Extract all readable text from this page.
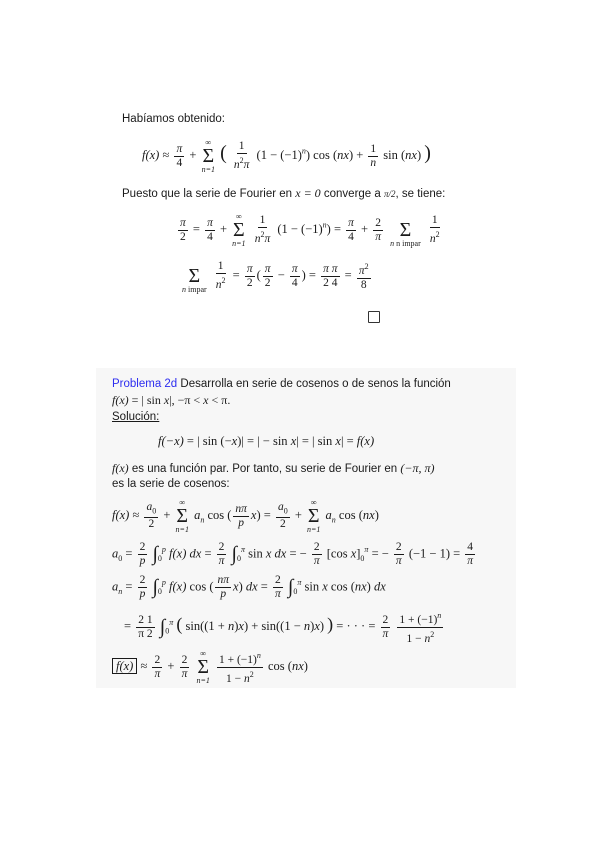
Habíamos obtenido:
$f(x) \approx \frac{\pi}{4}$ +
∞
Σ
n=1
( $\frac{1}{n^2\pi} (1 - (-1)^n)$ $\cos (nx) + \frac{1}{n}$ sin (nx) )
Puesto que la serie de Fourier en x = 0 converge a π/2, se tiene:
$\frac{\pi}{2} = \frac{\pi}{4}$ +
∞
Σ
n=1
$\frac{1}{n^2\pi} (1 - (-1)^n) = \frac{\pi}{4} + \frac{2}{\pi}$

Σ
n n impar
$\frac{1}{n^2}$

Σ
n impar
$\frac{1}{n^2} = \frac{\pi}{2}$ ( $\frac{\pi}{2} - \frac{\pi}{4}$ ) = $\frac{\text{π π}}{2 4} = \frac{\pi^2}{8}$
Problema 2d Desarrolla en serie de cosenos o de senos la función
f(x) = | sin x|, −π < x < π.
Solución:
f(−x) = | sin (−x)| = | − sin x| = | sin x| = f(x)
f(x) es una función par. Por tanto, su serie de Fourier en (−π, π)
es la serie de cosenos:
$f(x) \approx \frac{a_0}{2}$ +
∞
Σ
n=1
$a_n$ cos ( $\frac{n\pi}{p} x) = \frac{a_0}{2}$ +
∞
Σ
n=1
$a_n$ cos (nx)
$a_0 = \frac{2}{p} \int_0^p$ f(x) dx = $\frac{2}{\pi} \int_0^\pi$ sin x dx = − $\frac{2}{\pi} [\cos$ $x]_0^\pi$ = − $\frac{2}{\pi} (-1 - 1) = \frac{4}{\pi}$
$a_n = \frac{2}{p} \int_0^p$ f(x) cos ( $\frac{n\pi}{p} x$) dx = $\frac{2}{\pi} \int_0^\pi$ sin x cos (nx) dx
= $\frac{2 1}{\pi 2} \int_0^\pi$ ( sin((1 + n)x) + sin((1 − n)x) ) = · · · = $\frac{2}{\pi}$
$\frac{1 + (-1)^n}{1 - n^2}$
$f(x) \approx \frac{2}{\pi} + \frac{2}{\pi}$
∞
Σ
n=1
$\frac{1 + (-1)^n}{1 - n^2}$ cos (nx)
